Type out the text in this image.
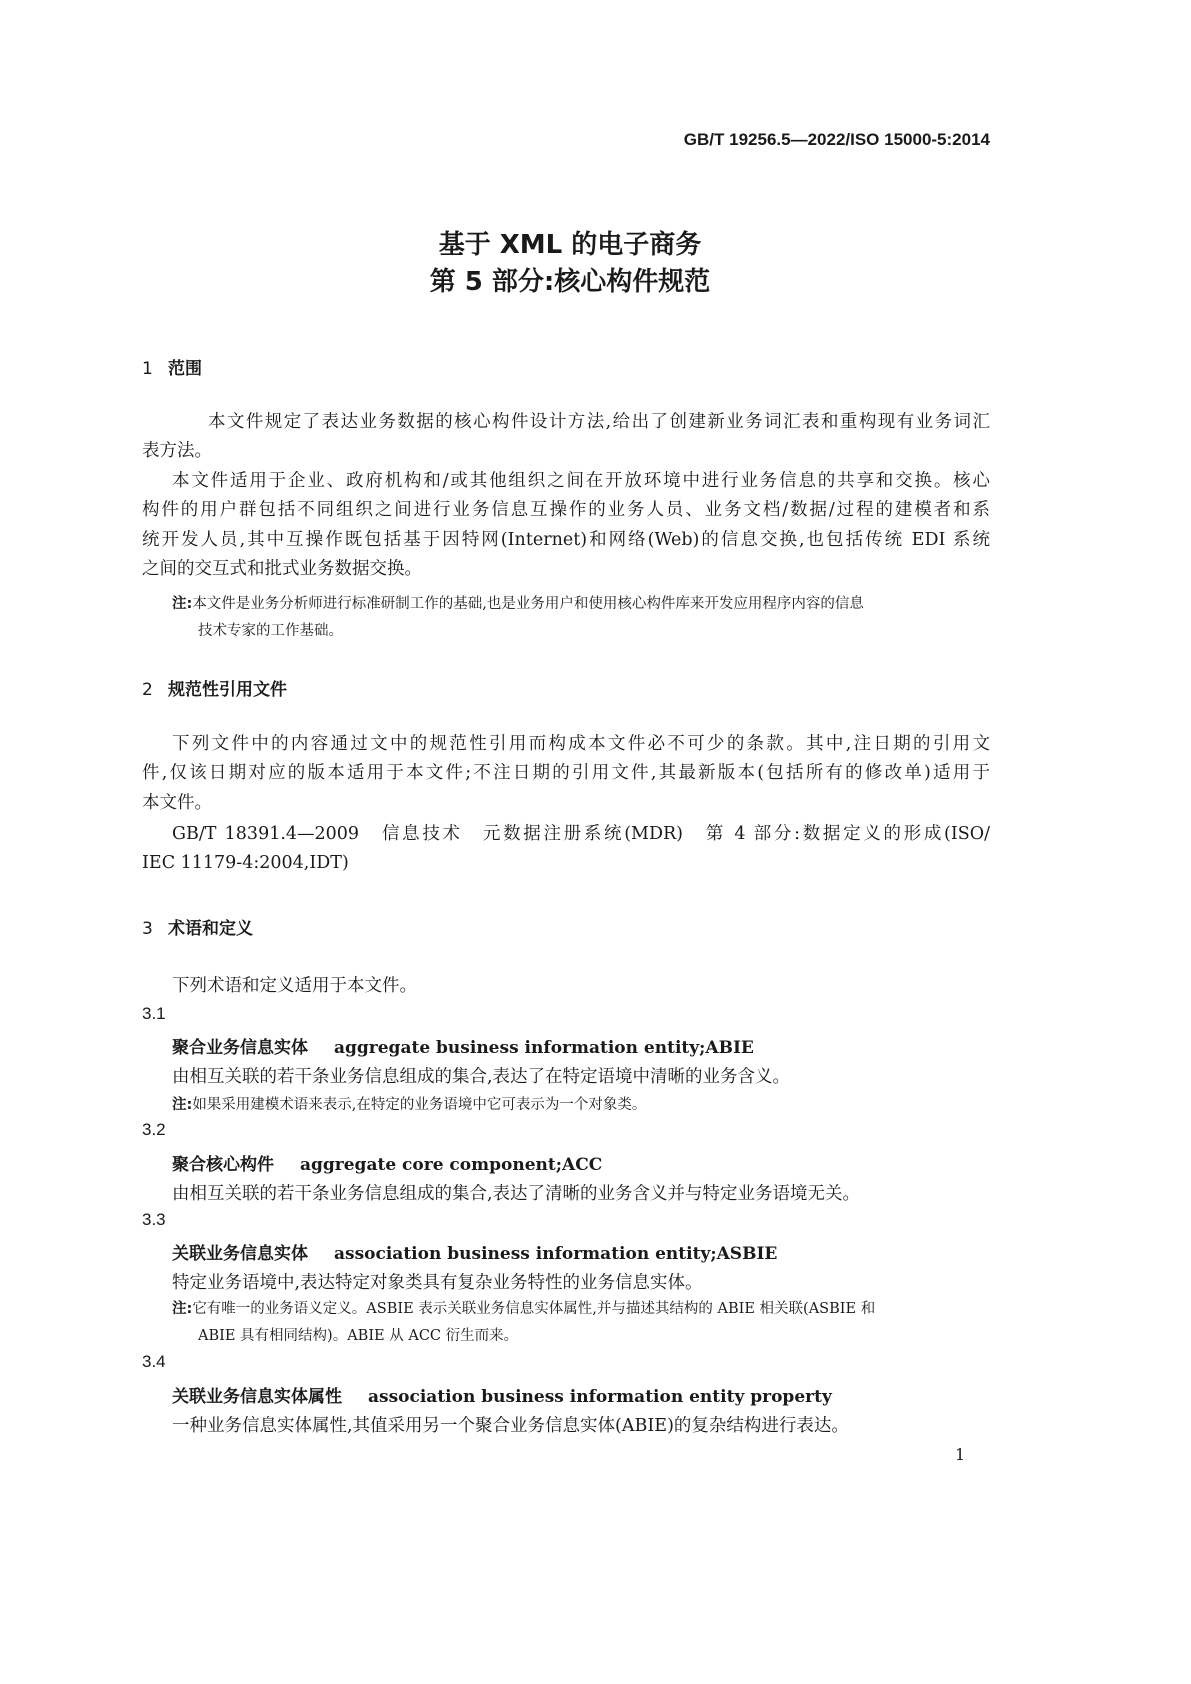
GB/T 19256.5—2022/ISO 15000-5:2014
基于 XML 的电子商务
第 5 部分:核心构件规范
1 范围
本文件规定了表达业务数据的核心构件设计方法,给出了创建新业务词汇表和重构现有业务词汇
表方法。
本文件适用于企业、政府机构和/或其他组织之间在开放环境中进行业务信息的共享和交换。核心
构件的用户群包括不同组织之间进行业务信息互操作的业务人员、业务文档/数据/过程的建模者和系
统开发人员,其中互操作既包括基于因特网(Internet)和网络(Web)的信息交换,也包括传统 EDI 系统
之间的交互式和批式业务数据交换。
注:本文件是业务分析师进行标准研制工作的基础,也是业务用户和使用核心构件库来开发应用程序内容的信息
技术专家的工作基础。
2 规范性引用文件
下列文件中的内容通过文中的规范性引用而构成本文件必不可少的条款。其中,注日期的引用文
件,仅该日期对应的版本适用于本文件;不注日期的引用文件,其最新版本(包括所有的修改单)适用于
本文件。
GB/T 18391.4—2009　信息技术　元数据注册系统(MDR)　第 4 部分:数据定义的形成(ISO/
IEC 11179-4:2004,IDT)
3 术语和定义
下列术语和定义适用于本文件。
3.1
聚合业务信息实体 aggregate business information entity;ABIE
由相互关联的若干条业务信息组成的集合,表达了在特定语境中清晰的业务含义。
注:如果采用建模术语来表示,在特定的业务语境中它可表示为一个对象类。
3.2
聚合核心构件 aggregate core component;ACC
由相互关联的若干条业务信息组成的集合,表达了清晰的业务含义并与特定业务语境无关。
3.3
关联业务信息实体 association business information entity;ASBIE
特定业务语境中,表达特定对象类具有复杂业务特性的业务信息实体。
注:它有唯一的业务语义定义。ASBIE 表示关联业务信息实体属性,并与描述其结构的 ABIE 相关联(ASBIE 和
ABIE 具有相同结构)。ABIE 从 ACC 衍生而来。
3.4
关联业务信息实体属性 association business information entity property
一种业务信息实体属性,其值采用另一个聚合业务信息实体(ABIE)的复杂结构进行表达。
1
